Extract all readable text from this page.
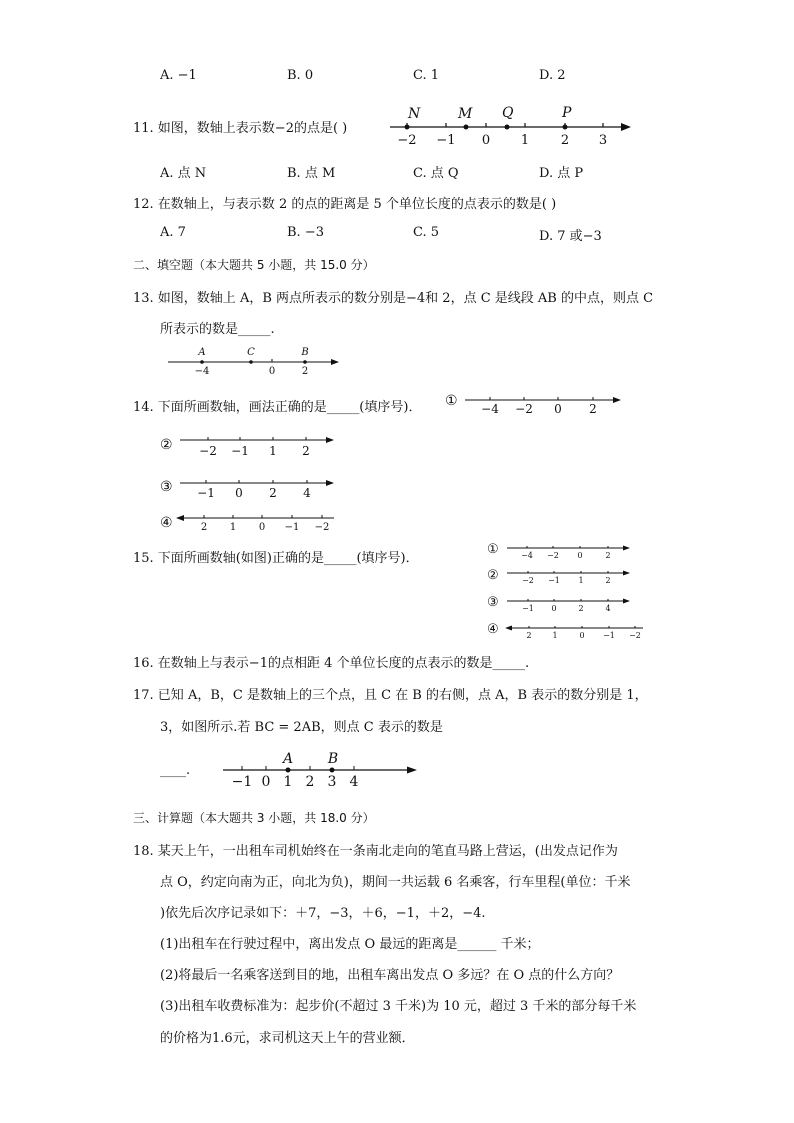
A. −1	B. 0	C. 1	D. 2
11. 如图，数轴上表示数−2的点是( )
N	M Q	P
−2 −1 0 1 2 3
A. 点 N	B. 点 M	C. 点 Q	D. 点 P
12. 在数轴上，与表示数 2 的点的距离是 5 个单位长度的点表示的数是( )
A. 7	B. −3	C. 5	D. 7 或−3
二、填空题（本大题共 5 小题，共 15.0 分）
13. 如图，数轴上 A，B 两点所表示的数分别是−4和 2，点 C 是线段 AB 的中点，则点 C
所表示的数是_____.
A	C	B
−4	0	2
14. 下面所画数轴，画法正确的是_____(填序号)． ① −4 −2 0 2
② −2 −1 1 2
③ −1 0 2 4
④	2 1 0 −1 −2
15. 下面所画数轴(如图)正确的是_____(填序号)．
①	−4 −2 0	2
②	−2 −1 1	2
③	−1 0	2	4
④	2	1	0 −1 −2
16. 在数轴上与表示−1的点相距 4 个单位长度的点表示的数是_____.
17. 已知 A，B，C 是数轴上的三个点，且 C 在 B 的右侧，点 A，B 表示的数分别是 1，
3，如图所示.若 BC = 2AB，则点 C 表示的数是
____.
A B
−1 0 1 2 3 4
三、计算题（本大题共 3 小题，共 18.0 分）
18. 某天上午，一出租车司机始终在一条南北走向的笔直马路上营运，(出发点记作为
点 O，约定向南为正，向北为负)，期间一共运载 6 名乘客，行车里程(单位：千米
)依先后次序记录如下：＋7，−3，＋6，−1，＋2，−4.
(1)出租车在行驶过程中，离出发点 O 最远的距离是______ 千米；
(2)将最后一名乘客送到目的地，出租车离出发点 O 多远？在 O 点的什么方向？
(3)出租车收费标准为：起步价(不超过 3 千米)为 10 元，超过 3 千米的部分每千米
的价格为1.6元，求司机这天上午的营业额．
